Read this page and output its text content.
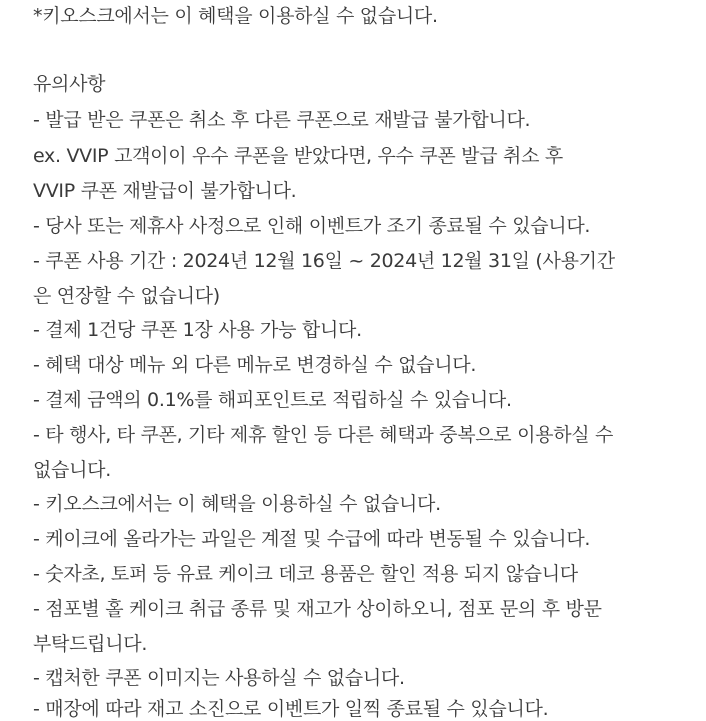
*키오스크에서는 이 혜택을 이용하실 수 없습니다.
유의사항
- 발급 받은 쿠폰은 취소 후 다른 쿠폰으로 재발급 불가합니다.
ex. VVIP 고객이이 우수 쿠폰을 받았다면, 우수 쿠폰 발급 취소 후
VVIP 쿠폰 재발급이 불가합니다.
- 당사 또는 제휴사 사정으로 인해 이벤트가 조기 종료될 수 있습니다.
- 쿠폰 사용 기간 : 2024년 12월 16일 ~ 2024년 12월 31일 (사용기간
은 연장할 수 없습니다)
- 결제 1건당 쿠폰 1장 사용 가능 합니다.
- 혜택 대상 메뉴 외 다른 메뉴로 변경하실 수 없습니다.
- 결제 금액의 0.1%를 해피포인트로 적립하실 수 있습니다.
- 타 행사, 타 쿠폰, 기타 제휴 할인 등 다른 혜택과 중복으로 이용하실 수
없습니다.
- 키오스크에서는 이 혜택을 이용하실 수 없습니다.
- 케이크에 올라가는 과일은 계절 및 수급에 따라 변동될 수 있습니다.
- 숫자초, 토퍼 등 유료 케이크 데코 용품은 할인 적용 되지 않습니다
- 점포별 홀 케이크 취급 종류 및 재고가 상이하오니, 점포 문의 후 방문
부탁드립니다.
- 캡처한 쿠폰 이미지는 사용하실 수 없습니다.
- 매장에 따라 재고 소진으로 이벤트가 일찍 종료될 수 있습니다.
